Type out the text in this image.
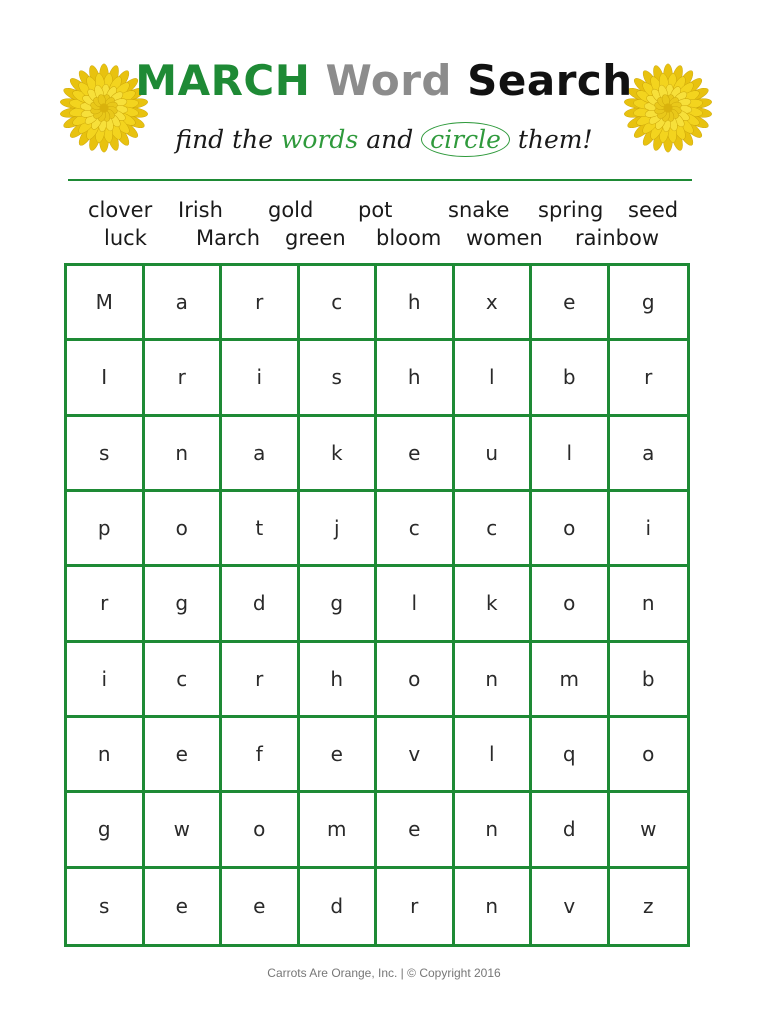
MARCH Word Search
find the words and circle them!
clover Irish gold pot	snake spring seed
luck March green bloom women rainbow
M	a	r	c	h	x	e	g
I	r	i	s	h	l	b	r
s	n	a	k	e	u	l	a
p	o	t	j	c	c	o	i
r	g	d	g	l	k	o	n
i	c	r	h	o	n	m	b
n	e	f	e	v	l	q	o
g	w	o	m	e	n	d	w
s	e	e	d	r	n	v	z
Carrots Are Orange, Inc. | © Copyright 2016
